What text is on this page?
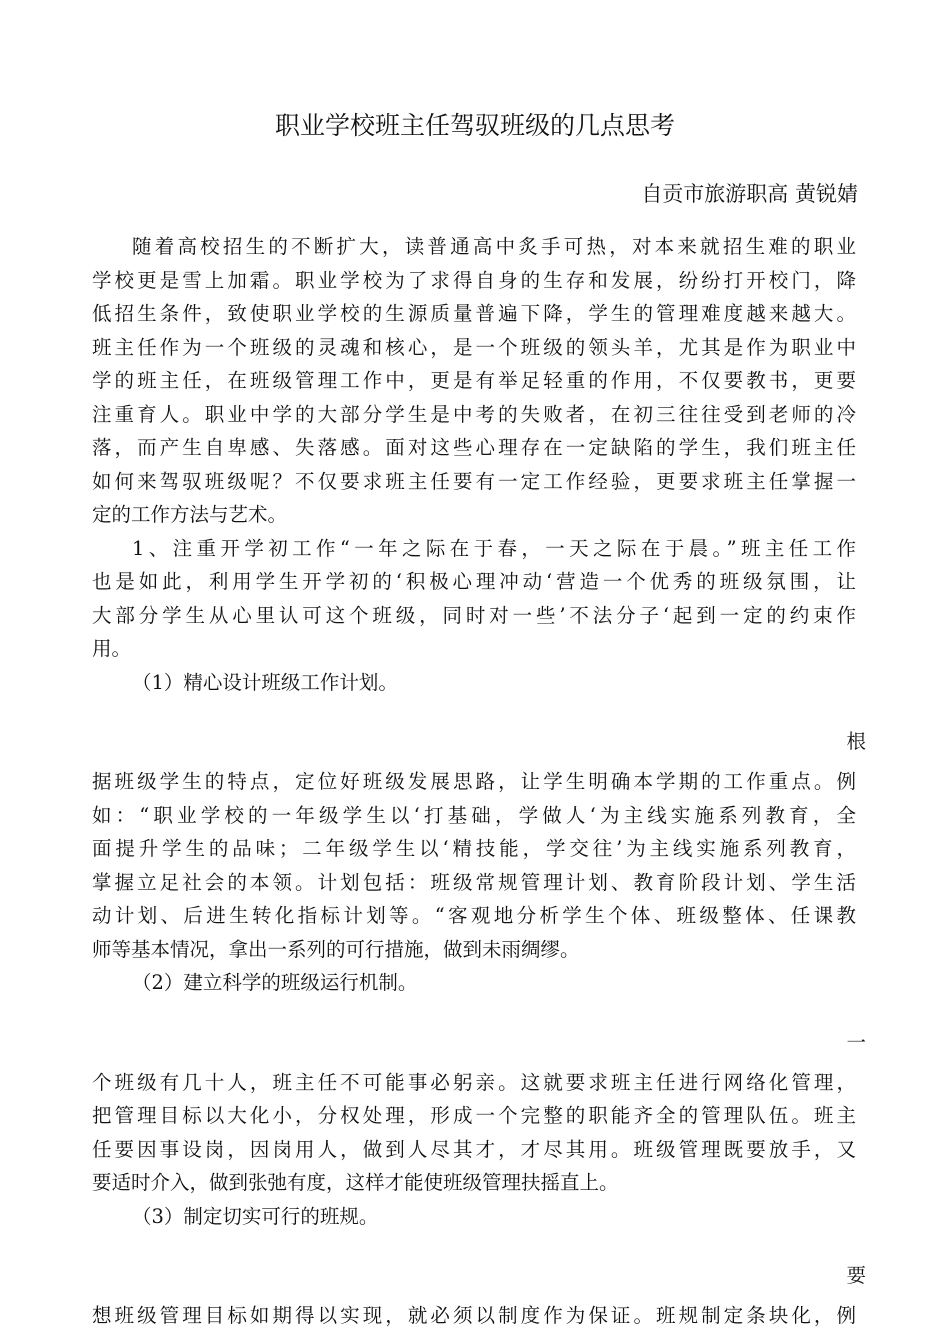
职业学校班主任驾驭班级的几点思考
自贡市旅游职高 黄锐婧
随着高校招生的不断扩大，读普通高中炙手可热，对本来就招生难的职业
学校更是雪上加霜。职业学校为了求得自身的生存和发展，纷纷打开校门，降
低招生条件，致使职业学校的生源质量普遍下降，学生的管理难度越来越大。
班主任作为一个班级的灵魂和核心，是一个班级的领头羊，尤其是作为职业中
学的班主任，在班级管理工作中，更是有举足轻重的作用，不仅要教书，更要
注重育人。职业中学的大部分学生是中考的失败者，在初三往往受到老师的冷
落，而产生自卑感、失落感。面对这些心理存在一定缺陷的学生，我们班主任
如何来驾驭班级呢？不仅要求班主任要有一定工作经验，更要求班主任掌握一
定的工作方法与艺术。
1、注重开学初工作“一年之际在于春，一天之际在于晨。”班主任工作
也是如此，利用学生开学初的‘积极心理冲动‘营造一个优秀的班级氛围，让
大部分学生从心里认可这个班级，同时对一些’不法分子‘起到一定的约束作
用。
（1）精心设计班级工作计划。
根
据班级学生的特点，定位好班级发展思路，让学生明确本学期的工作重点。例
如：“职业学校的一年级学生以‘打基础，学做人‘为主线实施系列教育，全
面提升学生的品味；二年级学生以‘精技能，学交往’为主线实施系列教育，
掌握立足社会的本领。计划包括：班级常规管理计划、教育阶段计划、学生活
动计划、后进生转化指标计划等。“客观地分析学生个体、班级整体、任课教
师等基本情况，拿出一系列的可行措施，做到未雨绸缪。
（2）建立科学的班级运行机制。
一
个班级有几十人，班主任不可能事必躬亲。这就要求班主任进行网络化管理，
把管理目标以大化小，分权处理，形成一个完整的职能齐全的管理队伍。班主
任要因事设岗，因岗用人，做到人尽其才，才尽其用。班级管理既要放手，又
要适时介入，做到张弛有度，这样才能使班级管理扶摇直上。
（3）制定切实可行的班规。
要
想班级管理目标如期得以实现，就必须以制度作为保证。班规制定条块化，例
